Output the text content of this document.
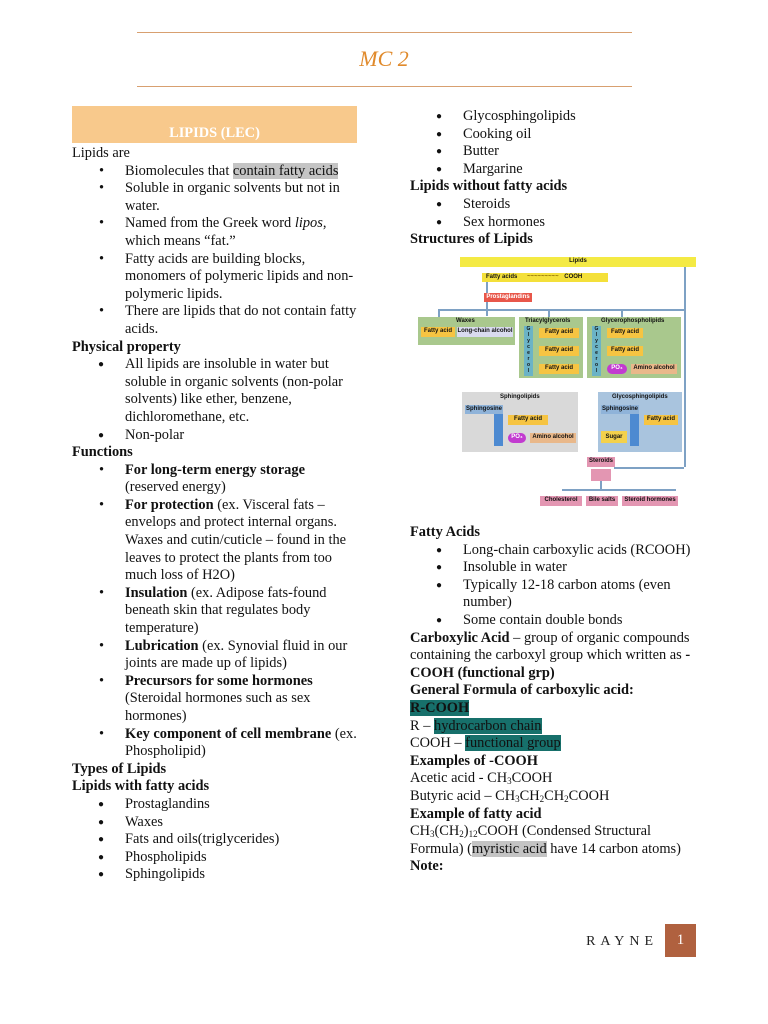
MC 2
LIPIDS (LEC)

Lipids are

• Biomolecules that contain fatty acids
• Soluble in organic solvents but not in water.
• Named from the Greek word lipos, which means “fat.”
• Fatty acids are building blocks, monomers of polymeric lipids and non-polymeric lipids.
• There are lipids that do not contain fatty acids.

Physical property

● All lipids are insoluble in water but soluble in organic solvents (non-polar solvents) like ether, benzene, dichloromethane, etc.
● Non-polar

Functions

• For long-term energy storage (reserved energy)
• For protection (ex. Visceral fats – envelops and protect internal organs. Waxes and cutin/cuticle – found in the leaves to protect the plants from too much loss of H2O)
• Insulation (ex. Adipose fats-found beneath skin that regulates body temperature)
• Lubrication (ex. Synovial fluid in our joints are made up of lipids)
• Precursors for some hormones (Steroidal hormones such as sex hormones)
• Key component of cell membrane (ex. Phospholipid)

Types of Lipids

Lipids with fatty acids

● Prostaglandins
● Waxes
● Fats and oils(triglycerides)
● Phospholipids
● Sphingolipids
● Glycosphingolipids
● Cooking oil
● Butter
● Margarine

Lipids without fatty acids

● Steroids
● Sex hormones

Structures of Lipids

Lipids
Fatty acids ~~~~~~~~~ COOH
Prostaglandins
Waxes
Fatty acid Long-chain alcohol
Triacylglycerols
G l y c e r o l
Fatty acid
Fatty acid
Fatty acid
Glycerophospholipids
G l y c e r o l
Fatty acid
Fatty acid
PO₄	Amino alcohol
Sphingolipids
Sphingosine
Fatty acid
PO₄	Amino alcohol
Glycosphingolipids
Sphingosine
Fatty acid
Sugar
Steroids
Cholesterol	Bile salts	Steroid hormones

Fatty Acids

● Long-chain carboxylic acids (RCOOH)
● Insoluble in water
● Typically 12-18 carbon atoms (even number)
● Some contain double bonds

Carboxylic Acid – group of organic compounds containing the carboxyl group which written as -COOH (functional grp)

General Formula of carboxylic acid:

R-COOH

R – hydrocarbon chain

COOH – functional group

Examples of -COOH

Acetic acid - $CH_3COOH$

Butyric acid – $CH_3CH_2CH_2COOH$

Example of fatty acid

$CH_3(CH_2)_{12}COOH$ (Condensed Structural Formula) (myristic acid have 14 carbon atoms)

Note:

RAYNE	1
